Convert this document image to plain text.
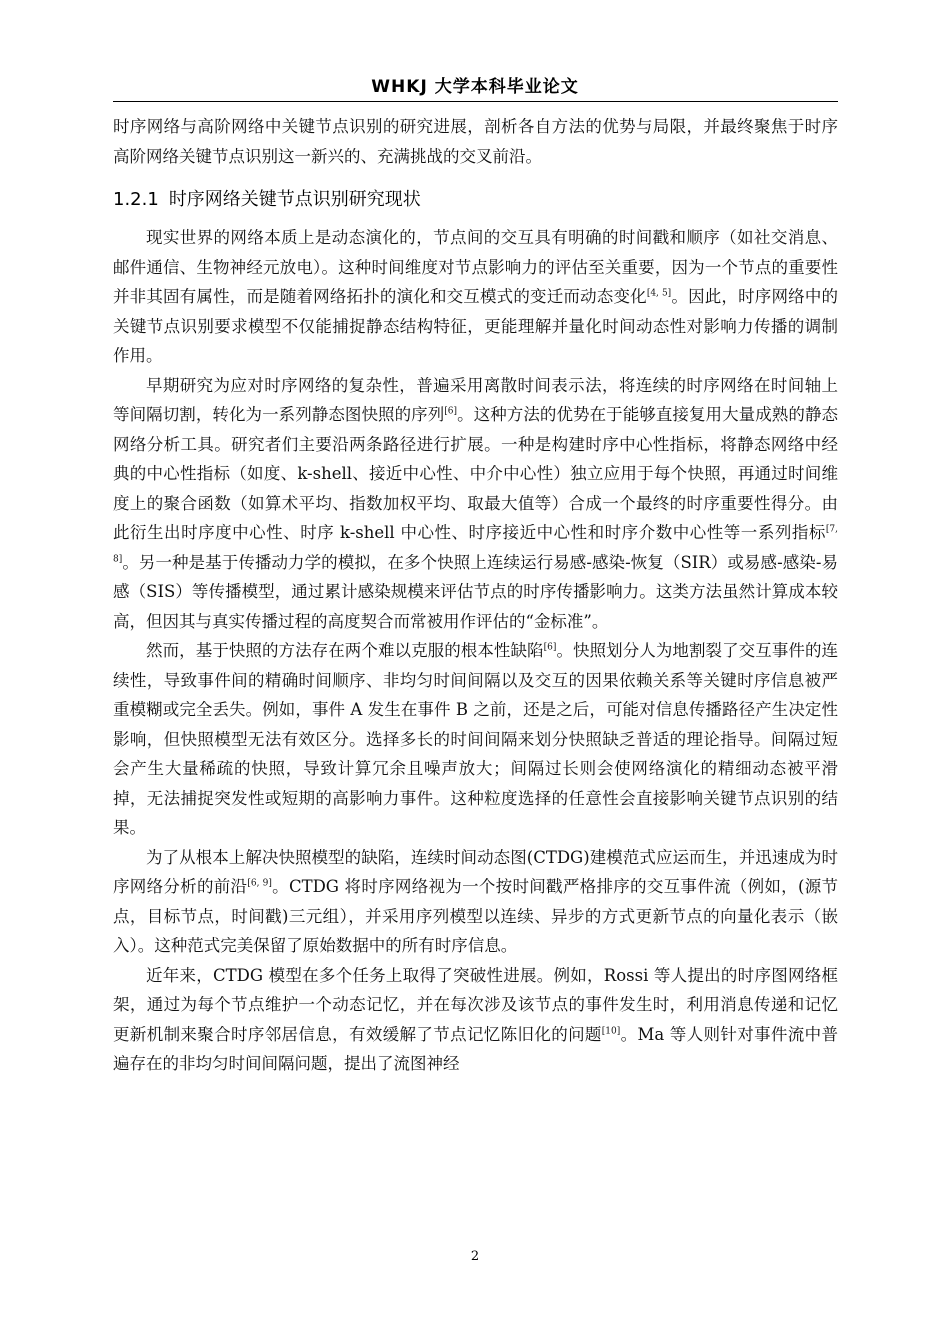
WHKJ 大学本科毕业论文

时序网络与高阶网络中关键节点识别的研究进展，剖析各自方法的优势与局限，并最终聚焦于时序高阶网络关键节点识别这一新兴的、充满挑战的交叉前沿。

1.2.1 时序网络关键节点识别研究现状

现实世界的网络本质上是动态演化的，节点间的交互具有明确的时间戳和顺序（如社交消息、邮件通信、生物神经元放电）。这种时间维度对节点影响力的评估至关重要，因为一个节点的重要性并非其固有属性，而是随着网络拓扑的演化和交互模式的变迁而动态变化[4, 5]。因此，时序网络中的关键节点识别要求模型不仅能捕捉静态结构特征，更能理解并量化时间动态性对影响力传播的调制作用。

早期研究为应对时序网络的复杂性，普遍采用离散时间表示法，将连续的时序网络在时间轴上等间隔切割，转化为一系列静态图快照的序列[6]。这种方法的优势在于能够直接复用大量成熟的静态网络分析工具。研究者们主要沿两条路径进行扩展。一种是构建时序中心性指标，将静态网络中经典的中心性指标（如度、k-shell、接近中心性、中介中心性）独立应用于每个快照，再通过时间维度上的聚合函数（如算术平均、指数加权平均、取最大值等）合成一个最终的时序重要性得分。由此衍生出时序度中心性、时序 k-shell 中心性、时序接近中心性和时序介数中心性等一系列指标[7, 8]。另一种是基于传播动力学的模拟，在多个快照上连续运行易感-感染-恢复（SIR）或易感-感染-易感（SIS）等传播模型，通过累计感染规模来评估节点的时序传播影响力。这类方法虽然计算成本较高，但因其与真实传播过程的高度契合而常被用作评估的“金标准”。

然而，基于快照的方法存在两个难以克服的根本性缺陷[6]。快照划分人为地割裂了交互事件的连续性，导致事件间的精确时间顺序、非均匀时间间隔以及交互的因果依赖关系等关键时序信息被严重模糊或完全丢失。例如，事件 A 发生在事件 B 之前，还是之后，可能对信息传播路径产生决定性影响，但快照模型无法有效区分。选择多长的时间间隔来划分快照缺乏普适的理论指导。间隔过短会产生大量稀疏的快照，导致计算冗余且噪声放大；间隔过长则会使网络演化的精细动态被平滑掉，无法捕捉突发性或短期的高影响力事件。这种粒度选择的任意性会直接影响关键节点识别的结果。

为了从根本上解决快照模型的缺陷，连续时间动态图(CTDG)建模范式应运而生，并迅速成为时序网络分析的前沿[6, 9]。CTDG 将时序网络视为一个按时间戳严格排序的交互事件流（例如，(源节点，目标节点，时间戳)三元组），并采用序列模型以连续、异步的方式更新节点的向量化表示（嵌入）。这种范式完美保留了原始数据中的所有时序信息。

近年来，CTDG 模型在多个任务上取得了突破性进展。例如，Rossi 等人提出的时序图网络框架，通过为每个节点维护一个动态记忆，并在每次涉及该节点的事件发生时，利用消息传递和记忆更新机制来聚合时序邻居信息，有效缓解了节点记忆陈旧化的问题[10]。Ma 等人则针对事件流中普遍存在的非均匀时间间隔问题，提出了流图神经

2
